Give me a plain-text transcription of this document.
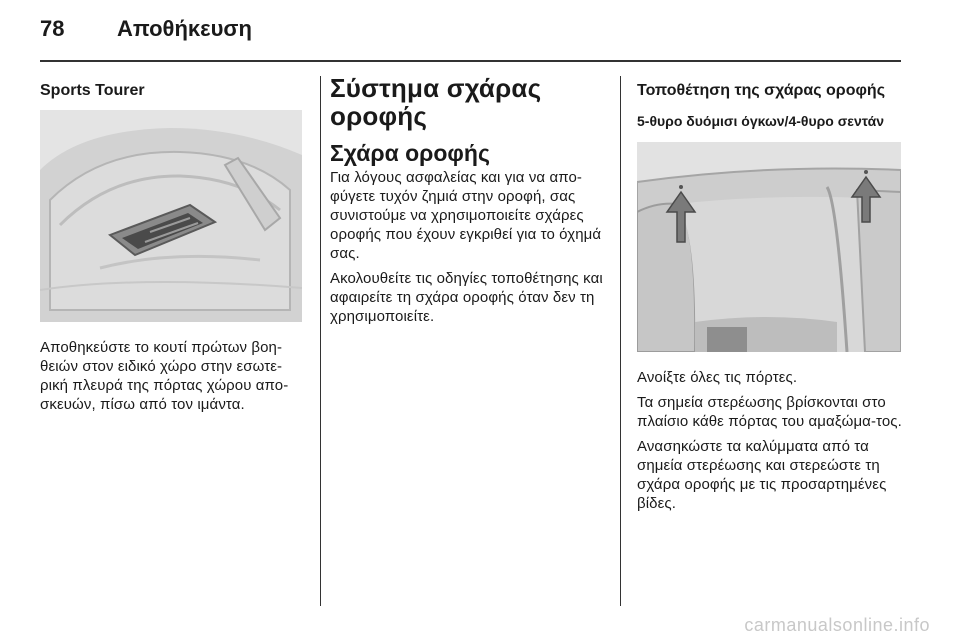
78 Αποθήκευση
Sports Tourer

Αποθηκεύστε το κουτί πρώτων βοη-θειών στον ειδικό χώρο στην εσωτε-ρική πλευρά της πόρτας χώρου απο-σκευών, πίσω από τον ιμάντα.

Σύστημα σχάρας οροφής
Σχάρα οροφής

Για λόγους ασφαλείας και για να απο-φύγετε τυχόν ζημιά στην οροφή, σας συνιστούμε να χρησιμοποιείτε σχάρες οροφής που έχουν εγκριθεί για το όχημά σας.

Ακολουθείτε τις οδηγίες τοποθέτησης και αφαιρείτε τη σχάρα οροφής όταν δεν τη χρησιμοποιείτε.

Τοποθέτηση της σχάρας οροφής
5-θυρο δυόμισι όγκων/4-θυρο σεντάν

Ανοίξτε όλες τις πόρτες.

Τα σημεία στερέωσης βρίσκονται στο πλαίσιο κάθε πόρτας του αμαξώμα-τος.

Ανασηκώστε τα καλύμματα από τα σημεία στερέωσης και στερεώστε τη σχάρα οροφής με τις προσαρτημένες βίδες.

carmanualsonline.info
